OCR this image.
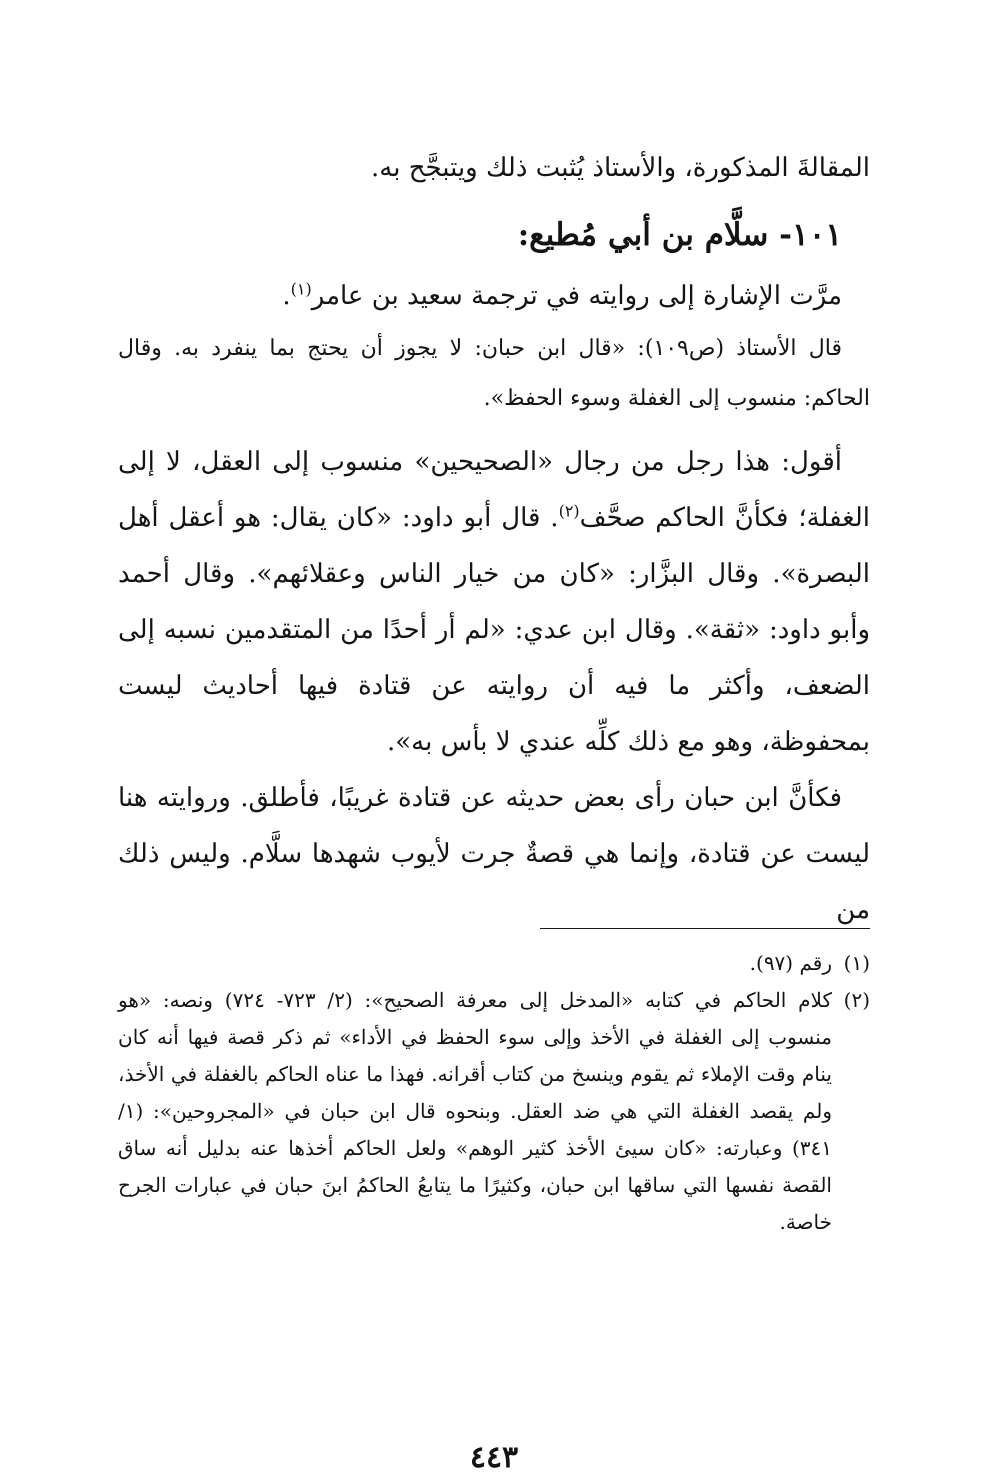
المقالةَ المذكورة، والأستاذ يُثبت ذلك ويتبجَّح به.

١٠١- سلَّام بن أبي مُطيع:

مرَّت الإشارة إلى روايته في ترجمة سعيد بن عامر$^{(١)}$.

قال الأستاذ (ص١٠٩): «قال ابن حبان: لا يجوز أن يحتج بما ينفرد به. وقال الحاكم: منسوب إلى الغفلة وسوء الحفظ».

أقول: هذا رجل من رجال «الصحيحين» منسوب إلى العقل، لا إلى الغفلة؛ فكأنَّ الحاكم صحَّف$^{(٢)}$. قال أبو داود: «كان يقال: هو أعقل أهل البصرة». وقال البزَّار: «كان من خيار الناس وعقلائهم». وقال أحمد وأبو داود: «ثقة». وقال ابن عدي: «لم أر أحدًا من المتقدمين نسبه إلى الضعف، وأكثر ما فيه أن روايته عن قتادة فيها أحاديث ليست بمحفوظة، وهو مع ذلك كلِّه عندي لا بأس به».

فكأنَّ ابن حبان رأى بعض حديثه عن قتادة غريبًا، فأطلق. وروايته هنا ليست عن قتادة، وإنما هي قصةٌ جرت لأيوب شهدها سلَّام. وليس ذلك من

(١)
رقم (٩٧).
(٢)
كلام الحاكم في كتابه «المدخل إلى معرفة الصحيح»: (٢/ ٧٢٣- ٧٢٤) ونصه: «هو منسوب إلى الغفلة في الأخذ وإلى سوء الحفظ في الأداء» ثم ذكر قصة فيها أنه كان ينام وقت الإملاء ثم يقوم وينسخ من كتاب أقرانه. فهذا ما عناه الحاكم بالغفلة في الأخذ، ولم يقصد الغفلة التي هي ضد العقل. وبنحوه قال ابن حبان في «المجروحين»: (١/ ٣٤١) وعبارته: «كان سيئ الأخذ كثير الوهم» ولعل الحاكم أخذها عنه بدليل أنه ساق القصة نفسها التي ساقها ابن حبان، وكثيرًا ما يتابعُ الحاكمُ ابنَ حبان في عبارات الجرح خاصة.
٤٤٣
